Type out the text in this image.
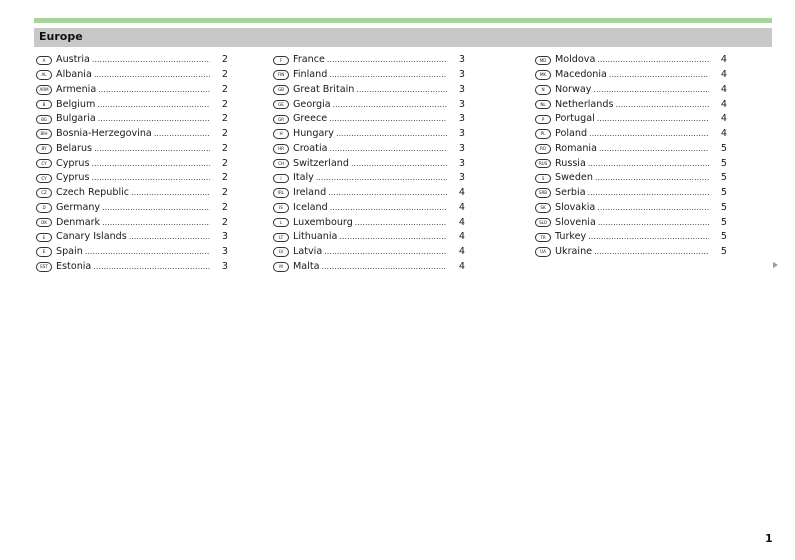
Europe
A	Austria .....	2
AL Albania .....	2
ARM Armenia .....	2
B	Belgium .....	2
BG Bulgaria .....	2
BIH Bosnia-Herzegovina .....	2
BY Belarus .....	2
CY Cyprus .....	2
CY Cyprus .....	2
CZ Czech Republic .....	2
D	Germany .....	2
DK Denmark .....	2
E	Canary Islands .....	3
E	Spain .....	3
EST Estonia .....	3
F	France .....	3
FIN Finland .....	3
GB Great Britain .....	3
GE Georgia .....	3
GR Greece .....	3
H	Hungary .....	3
HR Croatia .....	3
CH Switzerland .....	3
I	Italy .....	3
IRL Ireland .....	4
IS	Iceland .....	4
L	Luxembourg .....	4
LT	Lithuania .....	4
LV	Latvia .....	4
M	Malta .....	4
MD Moldova .....	4
MK Macedonia .....	4
N	Norway .....	4
NL Netherlands .....	4
P	Portugal .....	4
PL	Poland .....	4
RO Romania .....	5
RUS Russia .....	5
S	Sweden .....	5
SRB Serbia .....	5
SK Slovakia .....	5
SLO Slovenia .....	5
TR Turkey .....	5
UA Ukraine .....	5
1
